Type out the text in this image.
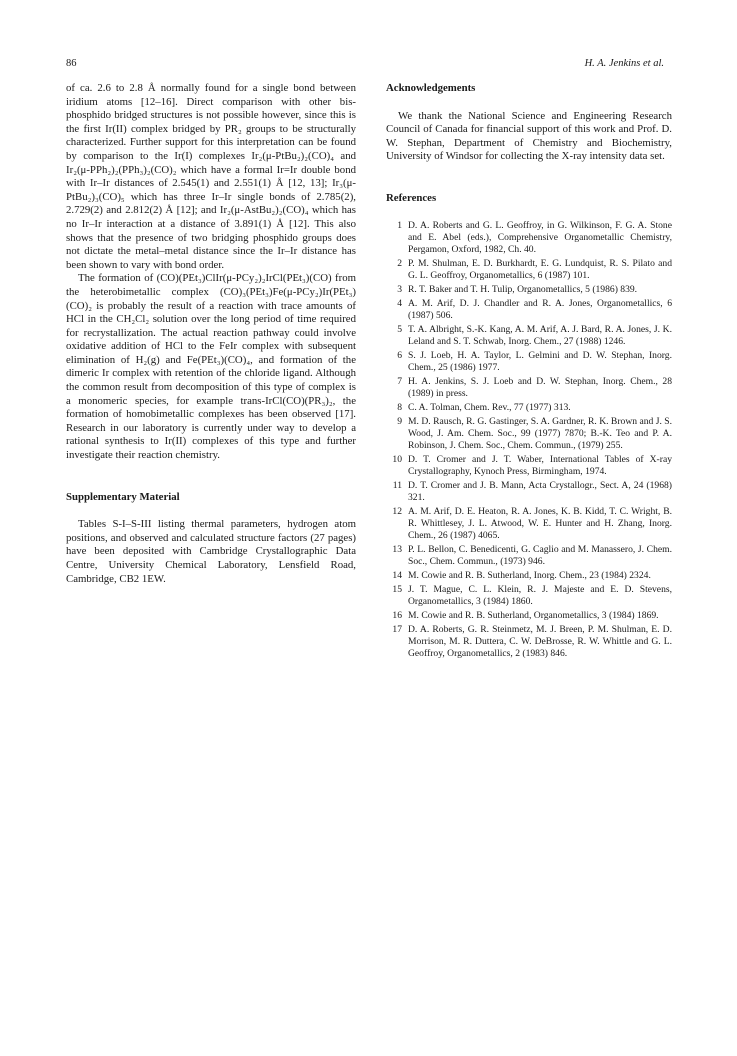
86	H. A. Jenkins et al.

of ca. 2.6 to 2.8 Å normally found for a single bond between iridium atoms [12–16]. Direct comparison with other bis-phosphido bridged structures is not possible however, since this is the first Ir(II) complex bridged by PR₂ groups to be structurally characterized. Further support for this interpretation can be found by comparison to the Ir(I) complexes Ir₂(μ-PtBu₂)₂(CO)₄ and Ir₂(μ-PPh₂)₂(PPh₃)₂(CO)₂ which have a formal Ir=Ir double bond with Ir–Ir distances of 2.545(1) and 2.551(1) Å [12, 13]; Ir₃(μ-PtBu₂)₃(CO)₅ which has three Ir–Ir single bonds of 2.785(2), 2.729(2) and 2.812(2) Å [12]; and Ir₂(μ-AstBu₂)₂(CO)₄ which has no Ir–Ir interaction at a distance of 3.891(1) Å [12]. This also shows that the presence of two bridging phosphido groups does not dictate the metal–metal distance since the Ir–Ir distance has been shown to vary with bond order.

The formation of (CO)(PEt₃)ClIr(μ-PCy₂)₂IrCl(PEt₃)(CO) from the heterobimetallic complex (CO)₃(PEt₃)Fe(μ-PCy₂)Ir(PEt₃)(CO)₂ is probably the result of a reaction with trace amounts of HCl in the CH₂Cl₂ solution over the long period of time required for recrystallization. The actual reaction pathway could involve oxidative addition of HCl to the FeIr complex with subsequent elimination of H₂(g) and Fe(PEt₃)(CO)₄, and formation of the dimeric Ir complex with retention of the chloride ligand. Although the common result from decomposition of this type of complex is a monomeric species, for example trans-IrCl(CO)(PR₃)₂, the formation of homobimetallic complexes has been observed [17]. Research in our laboratory is currently under way to develop a rational synthesis to Ir(II) complexes of this type and further investigate their reaction chemistry.

Supplementary Material

Tables S-I–S-III listing thermal parameters, hydrogen atom positions, and observed and calculated structure factors (27 pages) have been deposited with Cambridge Crystallographic Data Centre, University Chemical Laboratory, Lensfield Road, Cambridge, CB2 1EW.

Acknowledgements

We thank the National Science and Engineering Research Council of Canada for financial support of this work and Prof. D. W. Stephan, Department of Chemistry and Biochemistry, University of Windsor for collecting the X-ray intensity data set.

References
1 D. A. Roberts and G. L. Geoffroy, in G. Wilkinson, F. G. A. Stone and E. Abel (eds.), Comprehensive Organometallic Chemistry, Pergamon, Oxford, 1982, Ch. 40.
2 P. M. Shulman, E. D. Burkhardt, E. G. Lundquist, R. S. Pilato and G. L. Geoffroy, Organometallics, 6 (1987) 101.
3 R. T. Baker and T. H. Tulip, Organometallics, 5 (1986) 839.
4 A. M. Arif, D. J. Chandler and R. A. Jones, Organometallics, 6 (1987) 506.
5 T. A. Albright, S.-K. Kang, A. M. Arif, A. J. Bard, R. A. Jones, J. K. Leland and S. T. Schwab, Inorg. Chem., 27 (1988) 1246.
6 S. J. Loeb, H. A. Taylor, L. Gelmini and D. W. Stephan, Inorg. Chem., 25 (1986) 1977.
7 H. A. Jenkins, S. J. Loeb and D. W. Stephan, Inorg. Chem., 28 (1989) in press.
8 C. A. Tolman, Chem. Rev., 77 (1977) 313.
9 M. D. Rausch, R. G. Gastinger, S. A. Gardner, R. K. Brown and J. S. Wood, J. Am. Chem. Soc., 99 (1977) 7870; B.-K. Teo and P. A. Robinson, J. Chem. Soc., Chem. Commun., (1979) 255.
10 D. T. Cromer and J. T. Waber, International Tables of X-ray Crystallography, Kynoch Press, Birmingham, 1974.
11 D. T. Cromer and J. B. Mann, Acta Crystallogr., Sect. A, 24 (1968) 321.
12 A. M. Arif, D. E. Heaton, R. A. Jones, K. B. Kidd, T. C. Wright, B. R. Whittlesey, J. L. Atwood, W. E. Hunter and H. Zhang, Inorg. Chem., 26 (1987) 4065.
13 P. L. Bellon, C. Benedicenti, G. Caglio and M. Manassero, J. Chem. Soc., Chem. Commun., (1973) 946.
14 M. Cowie and R. B. Sutherland, Inorg. Chem., 23 (1984) 2324.
15 J. T. Mague, C. L. Klein, R. J. Majeste and E. D. Stevens, Organometallics, 3 (1984) 1860.
16 M. Cowie and R. B. Sutherland, Organometallics, 3 (1984) 1869.
17 D. A. Roberts, G. R. Steinmetz, M. J. Breen, P. M. Shulman, E. D. Morrison, M. R. Duttera, C. W. DeBrosse, R. W. Whittle and G. L. Geoffroy, Organometallics, 2 (1983) 846.
